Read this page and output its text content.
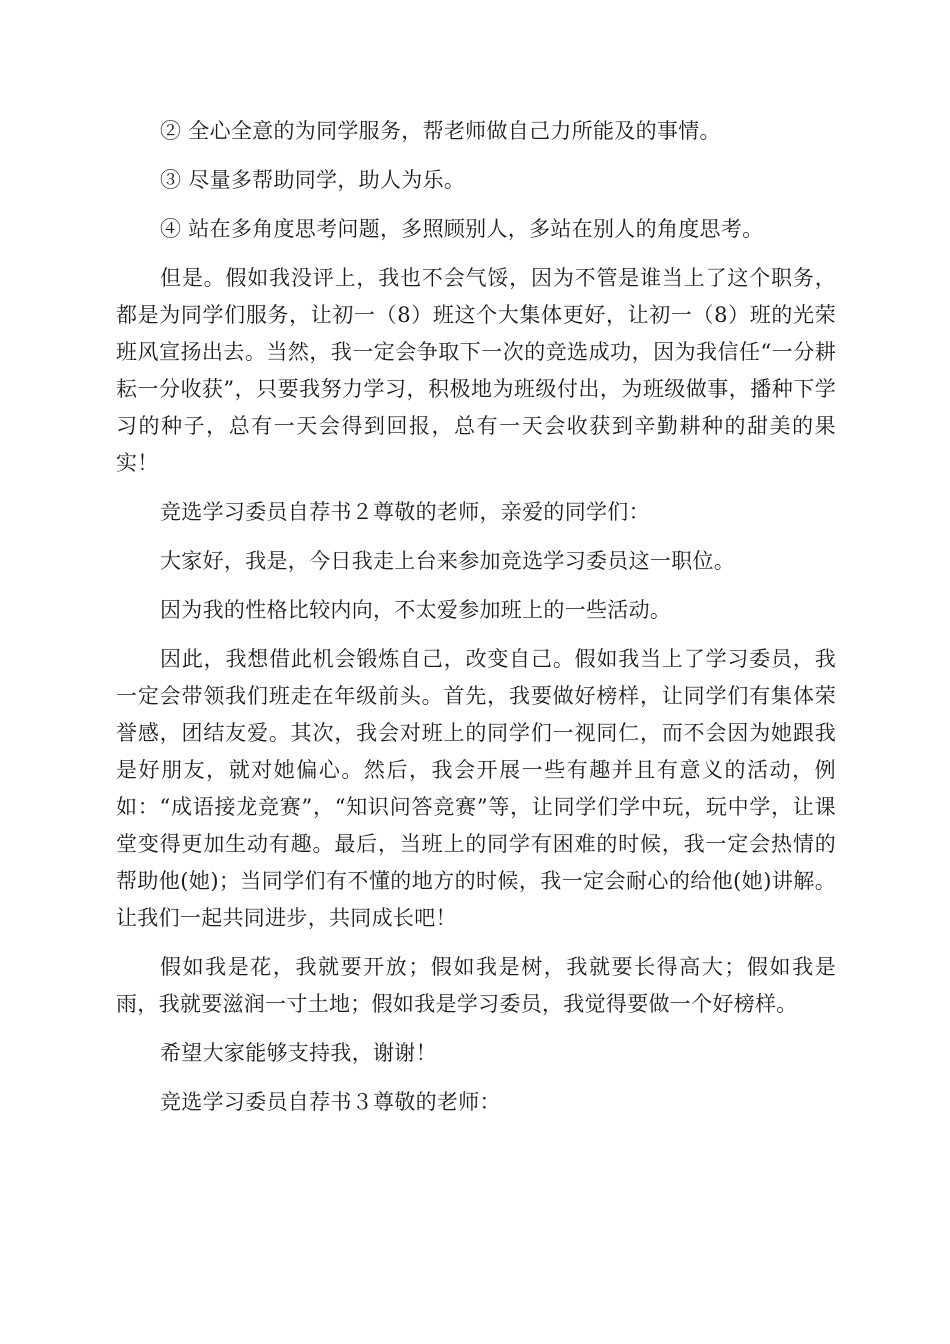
② 全心全意的为同学服务，帮老师做自己力所能及的事情。

③ 尽量多帮助同学，助人为乐。

④ 站在多角度思考问题，多照顾别人，多站在别人的角度思考。

但是。假如我没评上，我也不会气馁，因为不管是谁当上了这个职务，都是为同学们服务，让初一（8）班这个大集体更好，让初一（8）班的光荣班风宣扬出去。当然，我一定会争取下一次的竞选成功，因为我信任“一分耕耘一分收获”，只要我努力学习，积极地为班级付出，为班级做事，播种下学习的种子，总有一天会得到回报，总有一天会收获到辛勤耕种的甜美的果实！

竞选学习委员自荐书２尊敬的老师，亲爱的同学们：

大家好，我是，今日我走上台来参加竞选学习委员这一职位。

因为我的性格比较内向，不太爱参加班上的一些活动。

因此，我想借此机会锻炼自己，改变自己。假如我当上了学习委员，我一定会带领我们班走在年级前头。首先，我要做好榜样，让同学们有集体荣誉感，团结友爱。其次，我会对班上的同学们一视同仁，而不会因为她跟我是好朋友，就对她偏心。然后，我会开展一些有趣并且有意义的活动，例如：“成语接龙竞赛”，“知识问答竞赛”等，让同学们学中玩，玩中学，让课堂变得更加生动有趣。最后，当班上的同学有困难的时候，我一定会热情的帮助他(她)；当同学们有不懂的地方的时候，我一定会耐心的给他(她)讲解。让我们一起共同进步，共同成长吧！

假如我是花，我就要开放；假如我是树，我就要长得高大；假如我是雨，我就要滋润一寸土地；假如我是学习委员，我觉得要做一个好榜样。

希望大家能够支持我，谢谢！

竞选学习委员自荐书３尊敬的老师：
